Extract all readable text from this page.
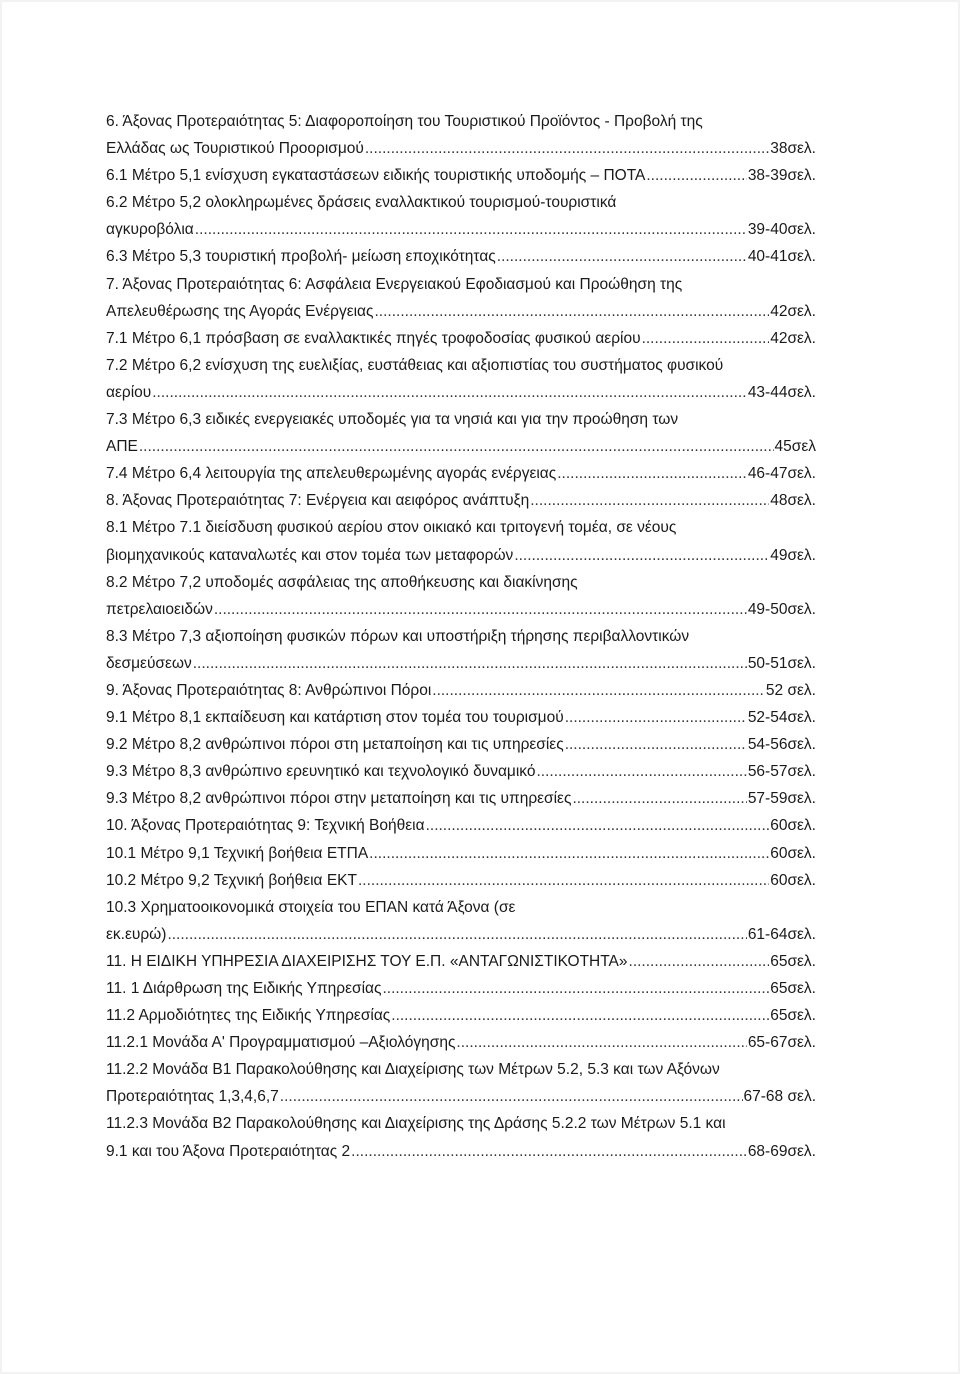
6. Άξονας Προτεραιότητας 5: Διαφοροποίηση του Τουριστικού Προϊόντος - Προβολή της
Ελλάδας ως Τουριστικού Προορισμού .....	38σελ.
6.1 Μέτρο 5,1 ενίσχυση εγκαταστάσεων ειδικής τουριστικής υποδομής – ΠΟΤΑ .....	38-39σελ.
6.2 Μέτρο 5,2 ολοκληρωμένες δράσεις εναλλακτικού τουρισμού-τουριστικά
αγκυροβόλια .....	39-40σελ.
6.3 Μέτρο 5,3 τουριστική προβολή- μείωση εποχικότητας .....	40-41σελ.
7. Άξονας Προτεραιότητας 6: Ασφάλεια Ενεργειακού Εφοδιασμού και Προώθηση της
Απελευθέρωσης της Αγοράς Ενέργειας .....	42σελ.
7.1 Μέτρο 6,1 πρόσβαση σε εναλλακτικές πηγές τροφοδοσίας φυσικού αερίου .....	42σελ.
7.2 Μέτρο 6,2 ενίσχυση της ευελιξίας, ευστάθειας και αξιοπιστίας του συστήματος φυσικού
αερίου .....	43-44σελ.
7.3 Μέτρο 6,3 ειδικές ενεργειακές υποδομές για τα νησιά και για την προώθηση των
ΑΠΕ .....	45σελ
7.4 Μέτρο 6,4 λειτουργία της απελευθερωμένης αγοράς ενέργειας .....	46-47σελ.
8. Άξονας Προτεραιότητας 7: Ενέργεια και αειφόρος ανάπτυξη .....	48σελ.
8.1 Μέτρο 7.1 διείσδυση φυσικού αερίου στον οικιακό και τριτογενή τομέα, σε νέους
βιομηχανικούς καταναλωτές και στον τομέα των μεταφορών .....	49σελ.
8.2 Μέτρο 7,2 υποδομές ασφάλειας της αποθήκευσης και διακίνησης
πετρελαιοειδών .....	49-50σελ.
8.3 Μέτρο 7,3 αξιοποίηση φυσικών πόρων και υποστήριξη τήρησης περιβαλλοντικών
δεσμεύσεων .....	50-51σελ.
9. Άξονας Προτεραιότητας 8: Ανθρώπινοι Πόροι .....	52 σελ.
9.1 Μέτρο 8,1 εκπαίδευση και κατάρτιση στον τομέα του τουρισμού .....	52-54σελ.
9.2 Μέτρο 8,2 ανθρώπινοι πόροι στη μεταποίηση και τις υπηρεσίες .....	54-56σελ.
9.3 Μέτρο 8,3 ανθρώπινο ερευνητικό και τεχνολογικό δυναμικό .....	56-57σελ.
9.3 Μέτρο 8,2 ανθρώπινοι πόροι στην μεταποίηση και τις υπηρεσίες .....	57-59σελ.
10. Άξονας Προτεραιότητας 9: Τεχνική Βοήθεια .....	60σελ.
10.1 Μέτρο 9,1 Τεχνική βοήθεια ΕΤΠΑ .....	60σελ.
10.2 Μέτρο 9,2 Τεχνική βοήθεια ΕΚΤ .....	60σελ.
10.3 Χρηματοοικονομικά στοιχεία του ΕΠΑΝ κατά Άξονα (σε
εκ.ευρώ) .....	61-64σελ.
11. Η ΕΙΔΙΚΗ ΥΠΗΡΕΣΙΑ ΔΙΑΧΕΙΡΙΣΗΣ ΤΟΥ Ε.Π. «ΑΝΤΑΓΩΝΙΣΤΙΚΟΤΗΤΑ» .....	65σελ.
11. 1 Διάρθρωση της Ειδικής Υπηρεσίας .....	65σελ.
11.2 Αρμοδιότητες της Ειδικής Υπηρεσίας .....	65σελ.
11.2.1 Μονάδα Α' Προγραμματισμού –Αξιολόγησης .....	65-67σελ.
11.2.2 Μονάδα Β1 Παρακολούθησης και Διαχείρισης των Μέτρων 5.2, 5.3 και των Αξόνων
Προτεραιότητας 1,3,4,6,7 .....	67-68 σελ.
11.2.3 Μονάδα Β2 Παρακολούθησης και Διαχείρισης της Δράσης 5.2.2 των Μέτρων 5.1 και
9.1 και του Άξονα Προτεραιότητας 2 .....	68-69σελ.
